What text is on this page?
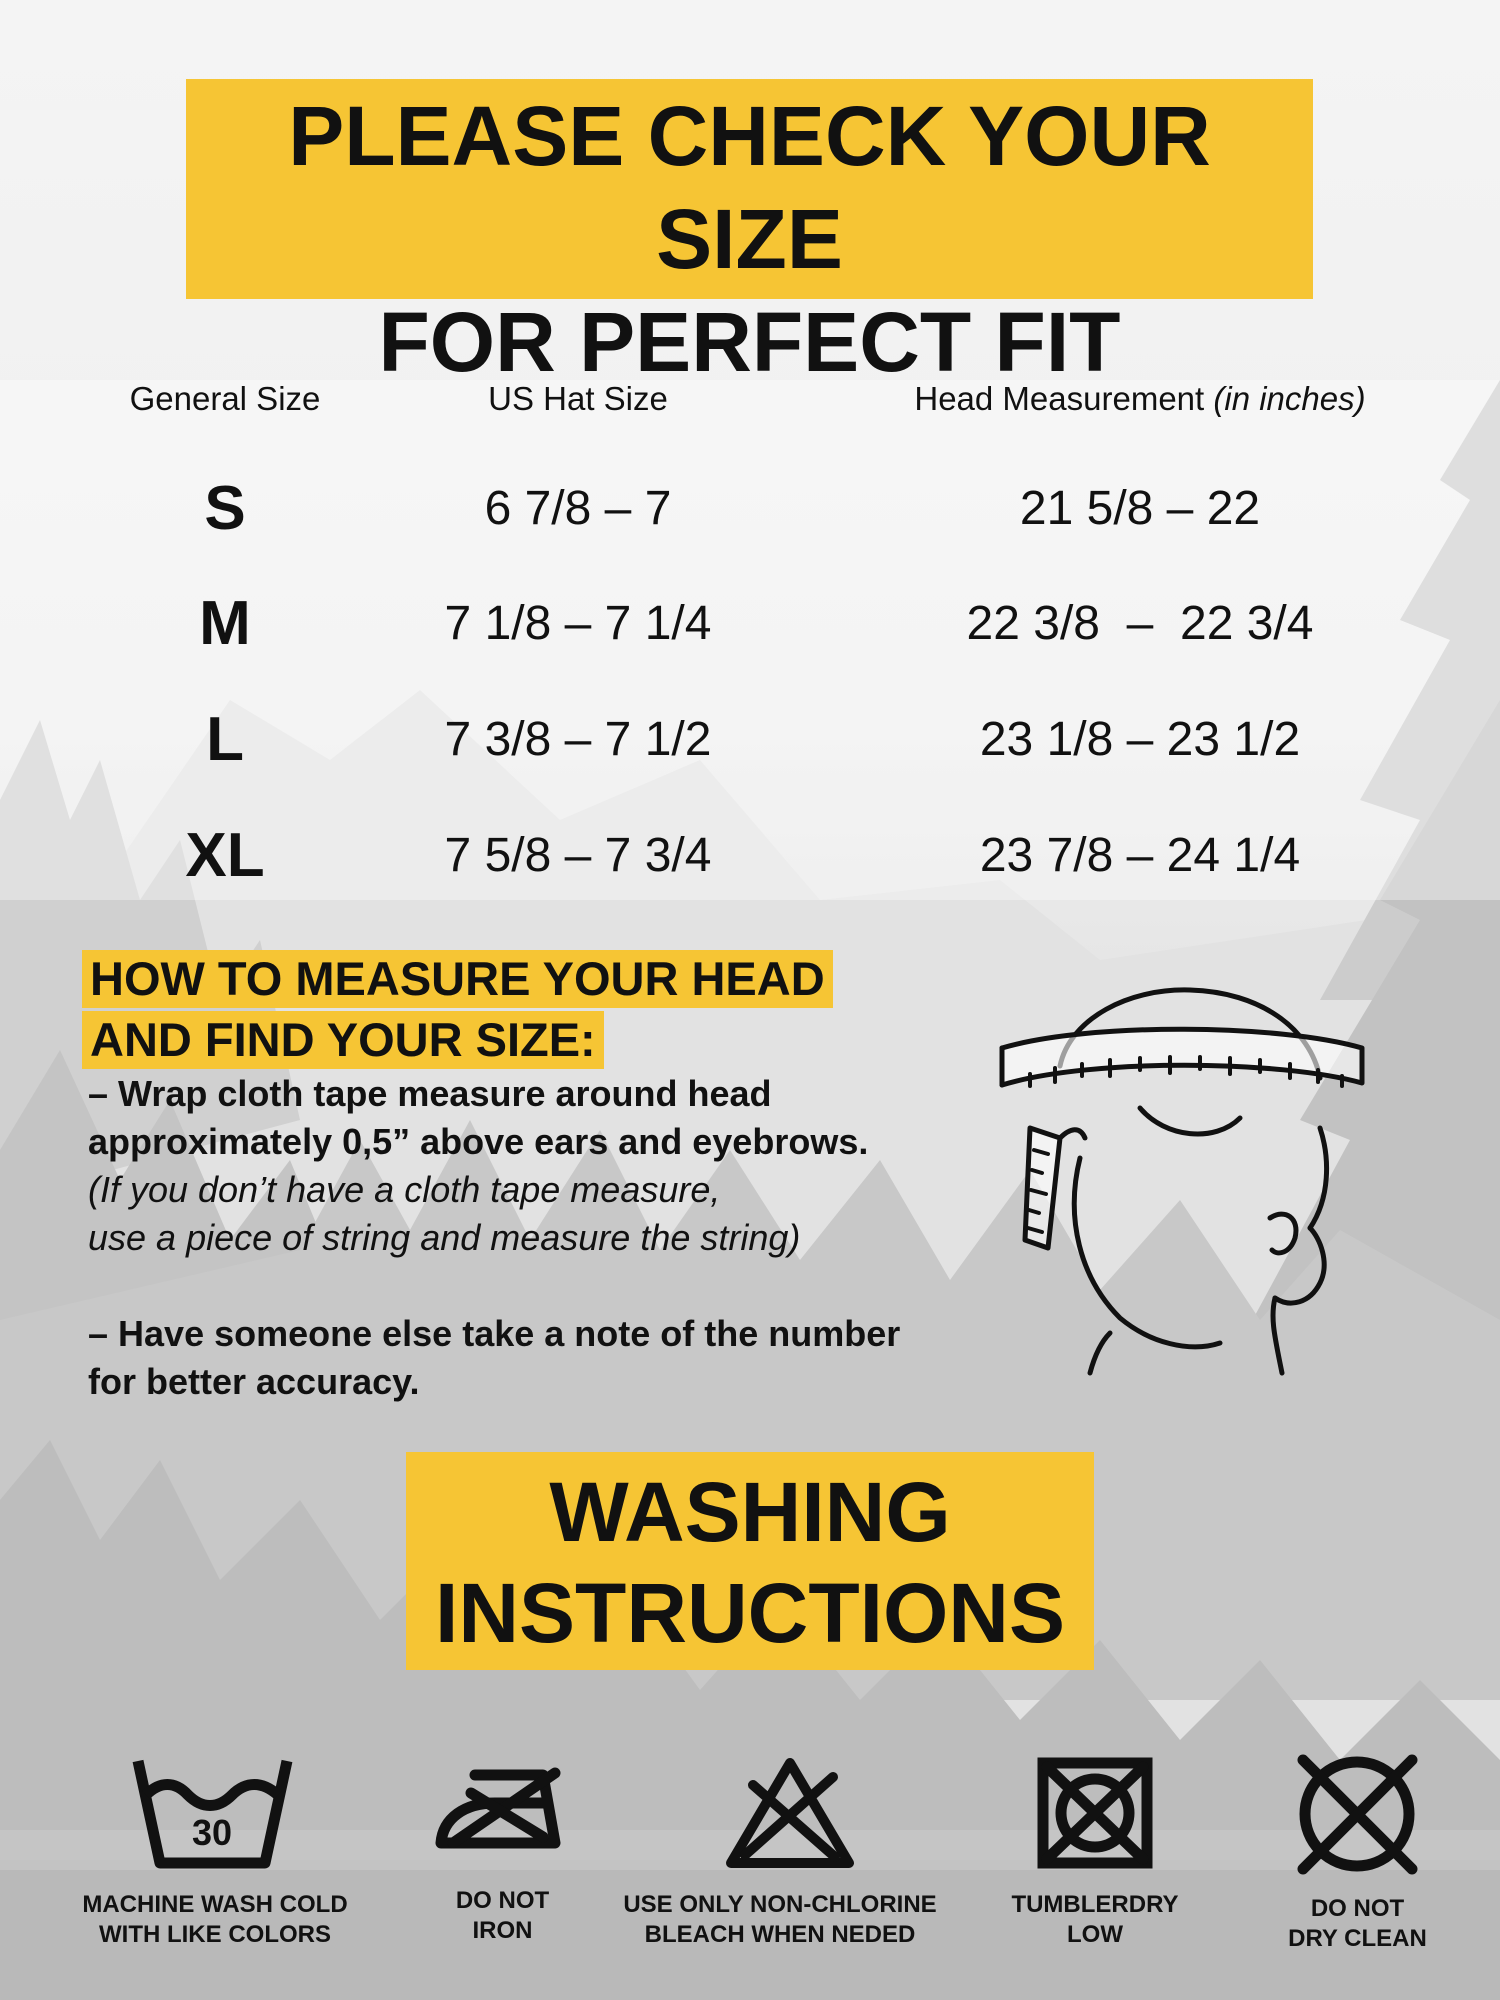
PLEASE CHECK YOUR SIZE
FOR PERFECT FIT
General Size	US Hat Size	Head Measurement (in inches)
S	6 7/8 – 7	21 5/8 – 22
M	7 1/8 – 7 1/4	22 3/8  –  22 3/4
L	7 3/8 – 7 1/2	23 1/8 – 23 1/2
XL	7 5/8 – 7 3/4	23 7/8 – 24 1/4
HOW TO MEASURE YOUR HEAD
AND FIND YOUR SIZE:
– Wrap cloth tape measure around head
approximately 0,5” above ears and eyebrows.
(If you don’t have a cloth tape measure,
use a piece of string and measure the string)
– Have someone else take a note of the number
for better accuracy.
WASHING
INSTRUCTIONS
30
MACHINE WASH COLD
WITH LIKE COLORS
DO NOT
IRON
USE ONLY NON-CHLORINE
BLEACH WHEN NEDED
TUMBLERDRY
LOW
DO NOT
DRY CLEAN
